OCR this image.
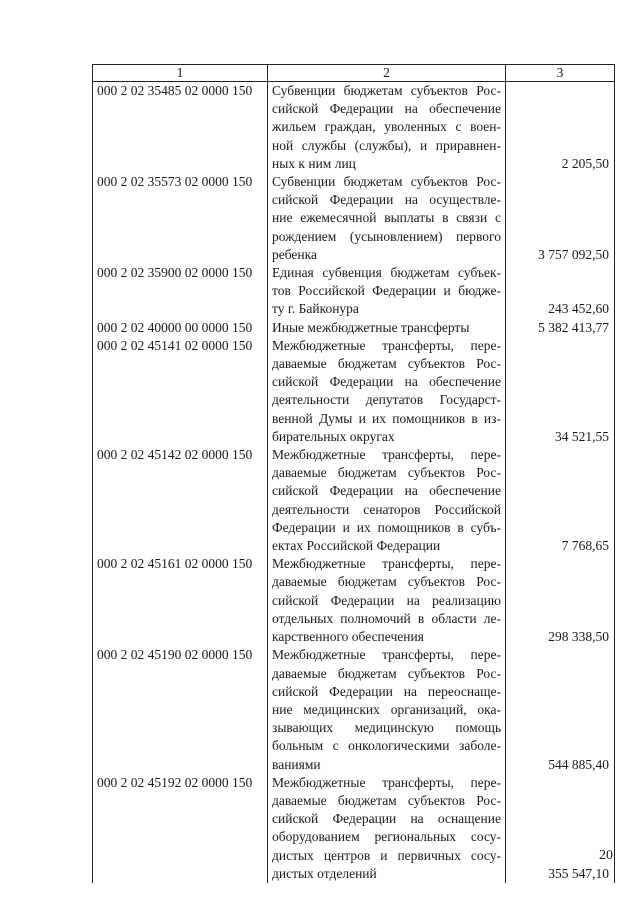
1	2	3
000 2 02 35485 02 0000 150	Субвенции бюджетам субъектов Рос-
сийской Федерации на обеспечение
жильем граждан, уволенных с воен-
ной службы (службы), и приравнен-
ных к ним лиц	2 205,50
000 2 02 35573 02 0000 150	Субвенции бюджетам субъектов Рос-
сийской Федерации на осуществле-
ние ежемесячной выплаты в связи с
рождением (усыновлением) первого
ребенка	3 757 092,50
000 2 02 35900 02 0000 150	Единая субвенция бюджетам субъек-
тов Российской Федерации и бюдже-
ту г. Байконура	243 452,60
000 2 02 40000 00 0000 150	Иные межбюджетные трансферты	5 382 413,77
000 2 02 45141 02 0000 150	Межбюджетные трансферты, пере-
даваемые бюджетам субъектов Рос-
сийской Федерации на обеспечение
деятельности депутатов Государст-
венной Думы и их помощников в из-
бирательных округах	34 521,55
000 2 02 45142 02 0000 150	Межбюджетные трансферты, пере-
даваемые бюджетам субъектов Рос-
сийской Федерации на обеспечение
деятельности сенаторов Российской
Федерации и их помощников в субъ-
ектах Российской Федерации	7 768,65
000 2 02 45161 02 0000 150	Межбюджетные трансферты, пере-
даваемые бюджетам субъектов Рос-
сийской Федерации на реализацию
отдельных полномочий в области ле-
карственного обеспечения	298 338,50
000 2 02 45190 02 0000 150	Межбюджетные трансферты, пере-
даваемые бюджетам субъектов Рос-
сийской Федерации на переоснаще-
ние медицинских организаций, ока-
зывающих медицинскую помощь
больным с онкологическими заболе-
ваниями	544 885,40
000 2 02 45192 02 0000 150	Межбюджетные трансферты, пере-
даваемые бюджетам субъектов Рос-
сийской Федерации на оснащение
оборудованием региональных сосу-
дистых центров и первичных сосу-
дистых отделений	355 547,10
20
